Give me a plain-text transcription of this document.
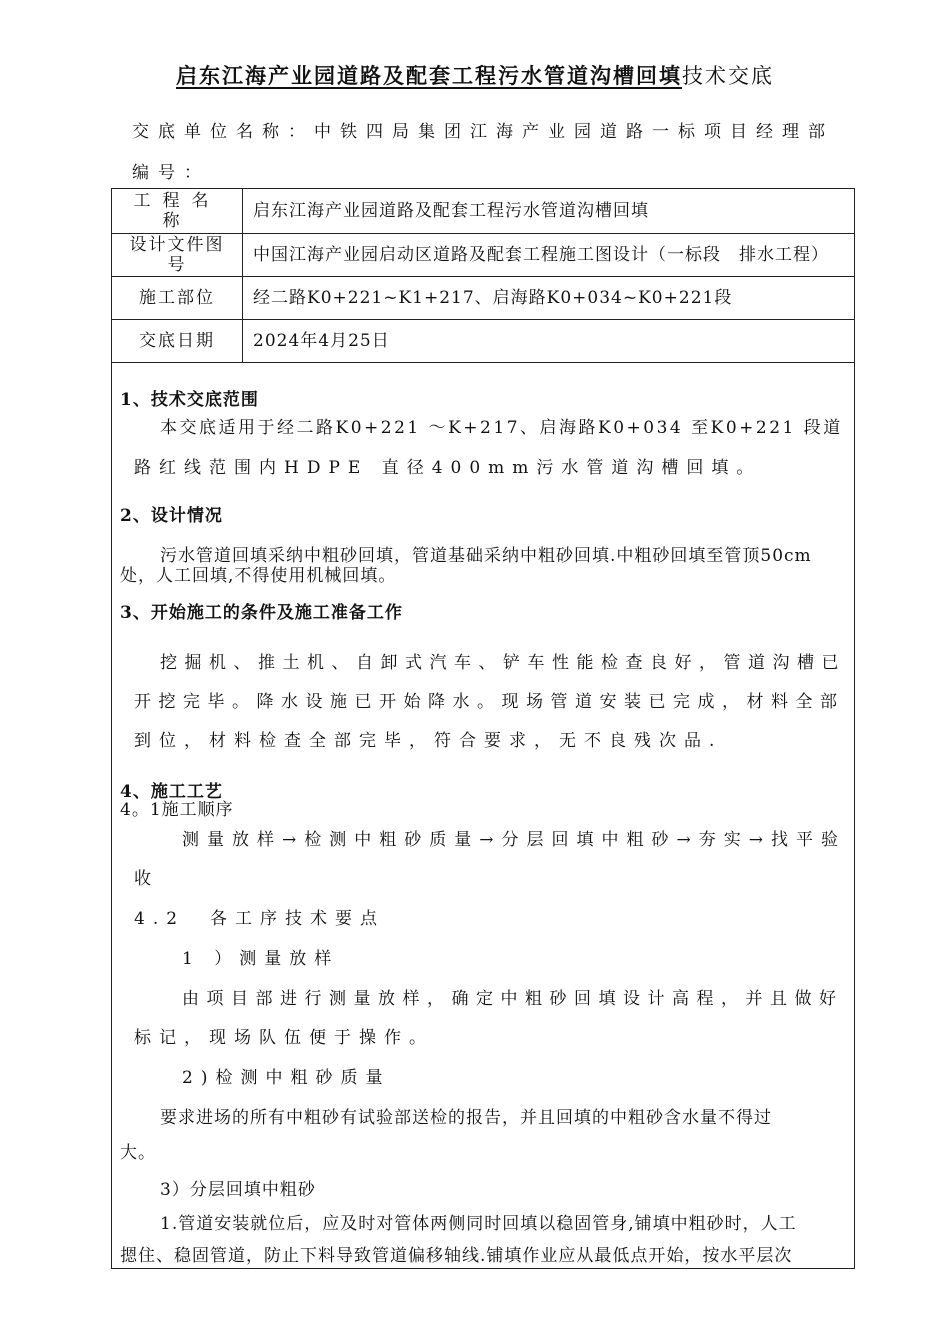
启东江海产业园道路及配套工程污水管道沟槽回填技术交底
交底单位名称：中铁四局集团江海产业园道路一标项目经理部
编号：
工程名称	启东江海产业园道路及配套工程污水管道沟槽回填
设计文件图号	中国江海产业园启动区道路及配套工程施工图设计（一标段　排水工程）
施工部位	经二路K0+221~K1+217、启海路K0+034~K0+221段
交底日期	2024年4月25日

1、技术交底范围

本交底适用于经二路K0+221 ～K+217、启海路K0+034 至K0+221 段道

路红线范围内HDPE 直径400mm污水管道沟槽回填。

2、设计情况

污水管道回填采纳中粗砂回填，管道基础采纳中粗砂回填.中粗砂回填至管顶50cm

处，人工回填,不得使用机械回填。

3、开始施工的条件及施工准备工作

挖掘机、推土机、自卸式汽车、铲车性能检查良好，管道沟槽已

开挖完毕。降水设施已开始降水。现场管道安装已完成，材料全部

到位，材料检查全部完毕，符合要求，无不良残次品.

4、施工工艺

4。1施工顺序

测量放样→检测中粗砂质量→分层回填中粗砂→夯实→找平验

收

4.2　各工序技术要点

1 ）测量放样

由项目部进行测量放样，确定中粗砂回填设计高程，并且做好

标记，现场队伍便于操作。

2)检测中粗砂质量

要求进场的所有中粗砂有试验部送检的报告，并且回填的中粗砂含水量不得过

大。

3）分层回填中粗砂

1.管道安装就位后，应及时对管体两侧同时回填以稳固管身,铺填中粗砂时，人工

摁住、稳固管道，防止下料导致管道偏移轴线.铺填作业应从最低点开始，按水平层次
